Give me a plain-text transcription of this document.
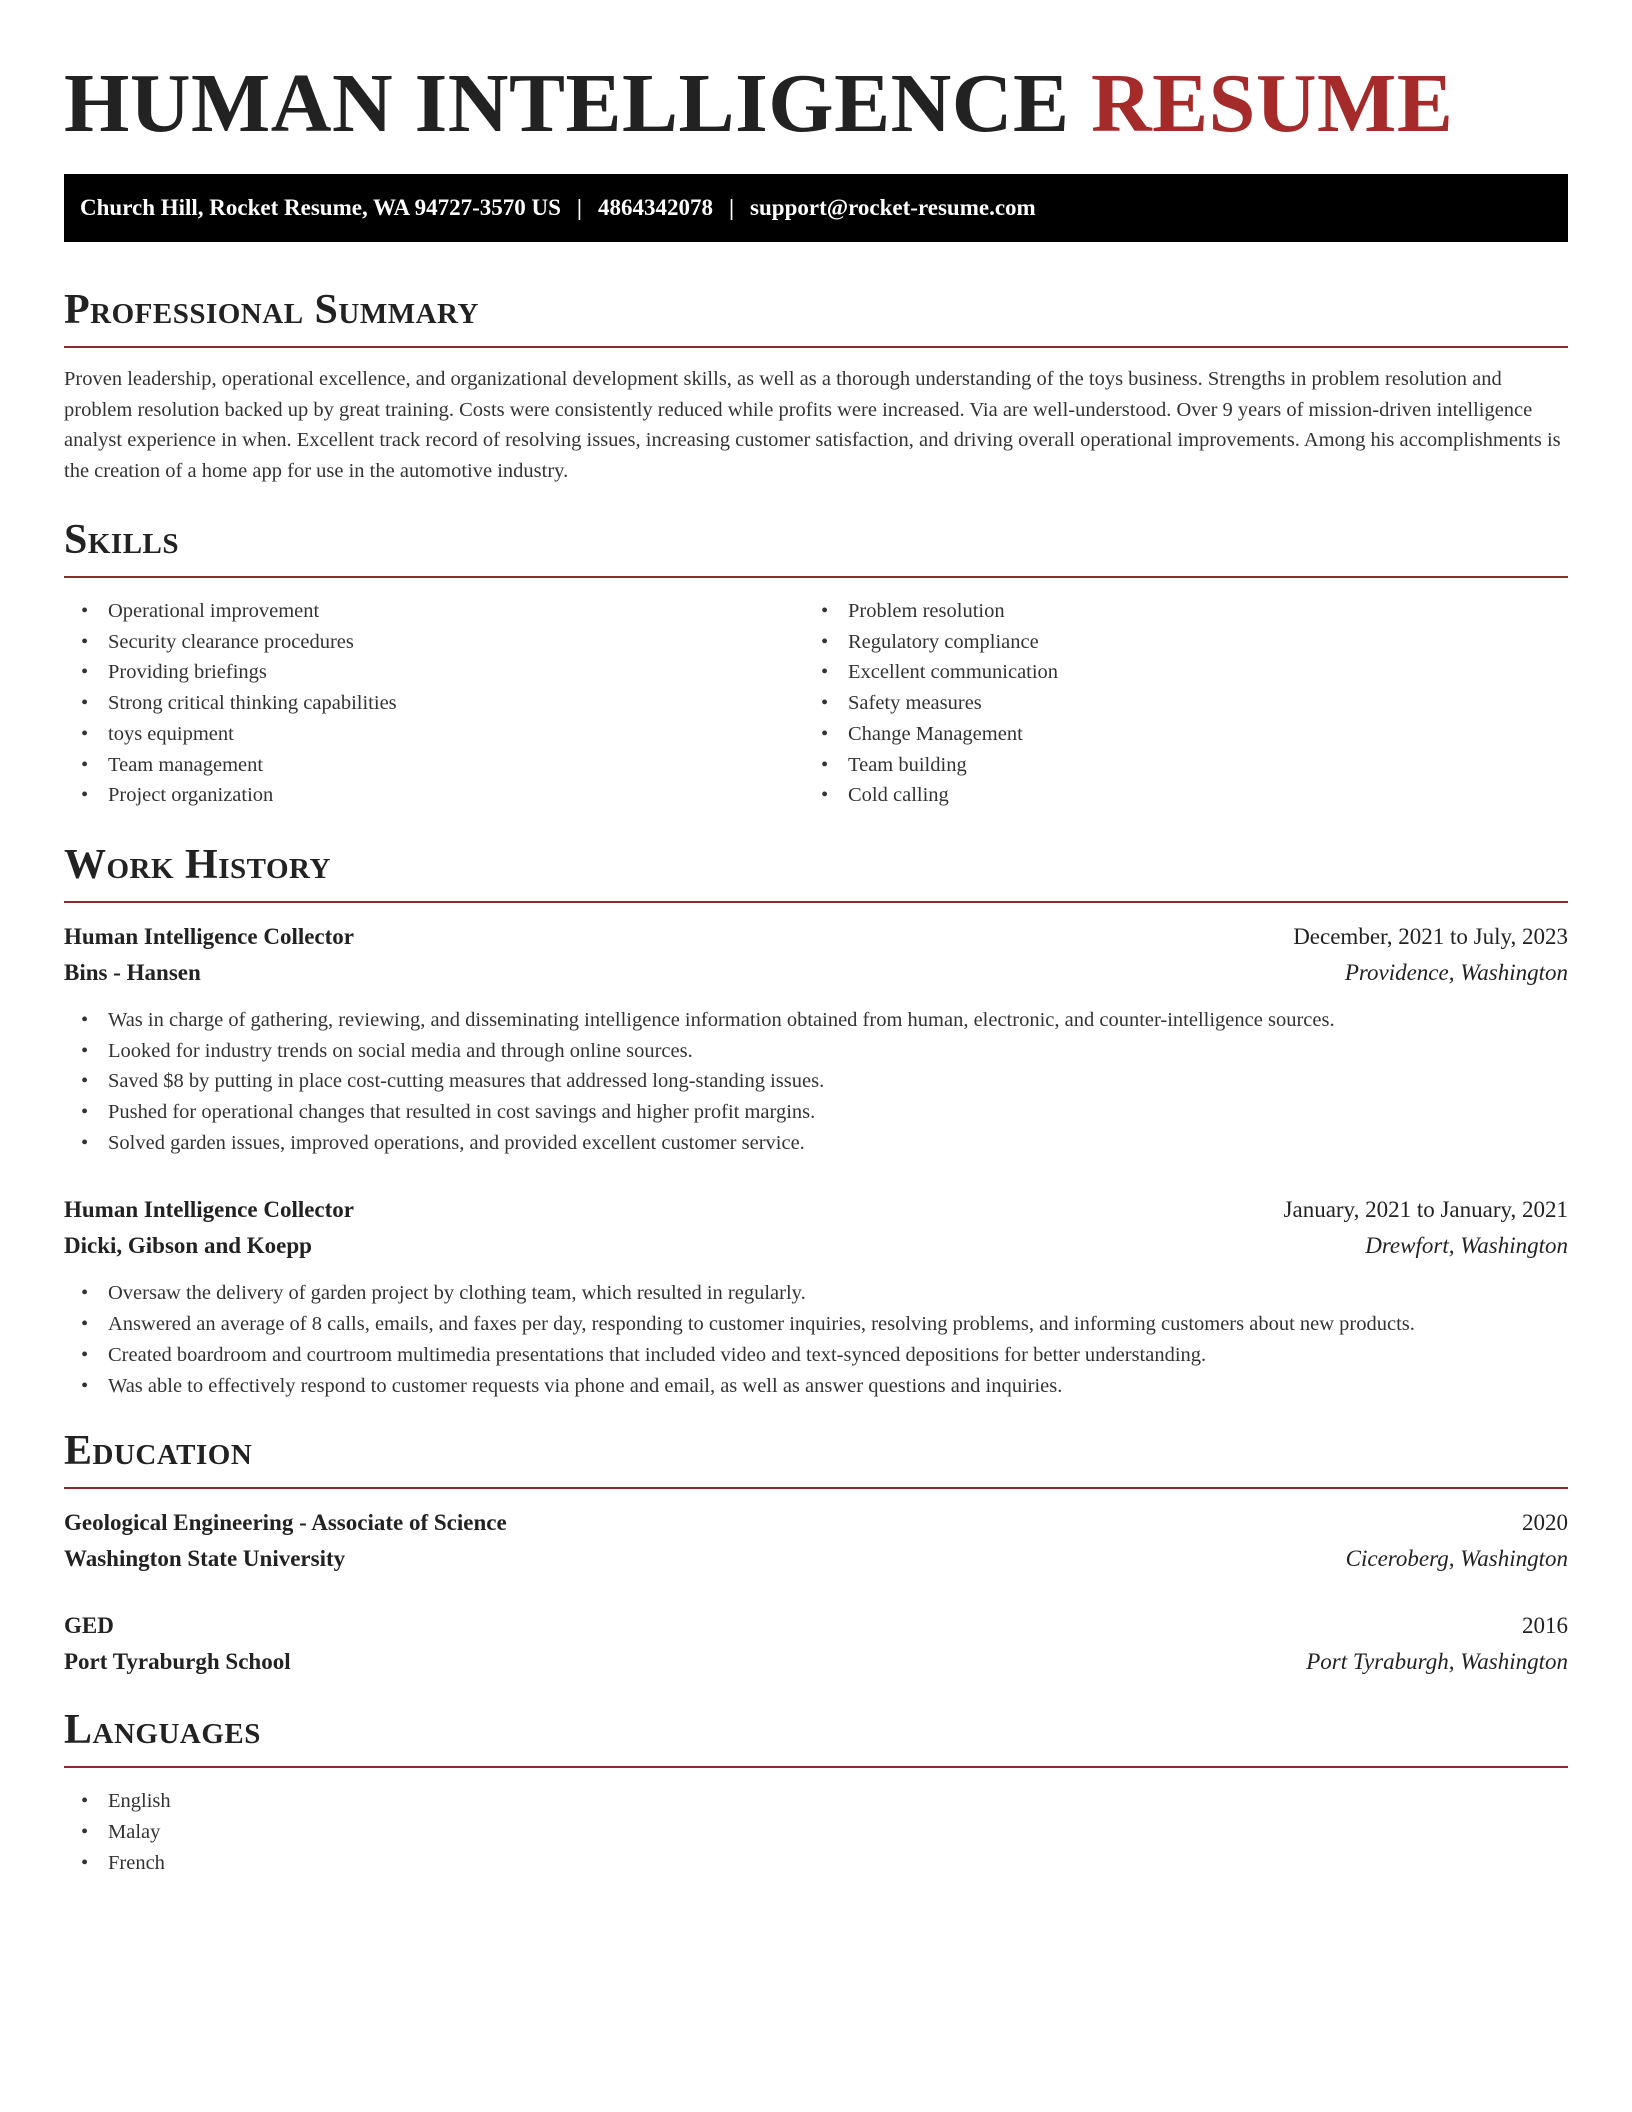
HUMAN INTELLIGENCE RESUME
Church Hill, Rocket Resume, WA 94727-3570 US | 4864342078 | support@rocket-resume.com
Professional Summary

Proven leadership, operational excellence, and organizational development skills, as well as a thorough understanding of the toys business. Strengths in problem resolution and problem resolution backed up by great training. Costs were consistently reduced while profits were increased. Via are well-understood. Over 9 years of mission-driven intelligence analyst experience in when. Excellent track record of resolving issues, increasing customer satisfaction, and driving overall operational improvements. Among his accomplishments is the creation of a home app for use in the automotive industry.

Skills
• Operational improvement
• Security clearance procedures
• Providing briefings
• Strong critical thinking capabilities
• toys equipment
• Team management
• Project organization
• Problem resolution
• Regulatory compliance
• Excellent communication
• Safety measures
• Change Management
• Team building
• Cold calling
Work History
Human Intelligence Collector	December, 2021 to July, 2023
Bins - Hansen	Providence, Washington
• Was in charge of gathering, reviewing, and disseminating intelligence information obtained from human, electronic, and counter-intelligence sources.
• Looked for industry trends on social media and through online sources.
• Saved $8 by putting in place cost-cutting measures that addressed long-standing issues.
• Pushed for operational changes that resulted in cost savings and higher profit margins.
• Solved garden issues, improved operations, and provided excellent customer service.
Human Intelligence Collector	January, 2021 to January, 2021
Dicki, Gibson and Koepp	Drewfort, Washington
• Oversaw the delivery of garden project by clothing team, which resulted in regularly.
• Answered an average of 8 calls, emails, and faxes per day, responding to customer inquiries, resolving problems, and informing customers about new products.
• Created boardroom and courtroom multimedia presentations that included video and text-synced depositions for better understanding.
• Was able to effectively respond to customer requests via phone and email, as well as answer questions and inquiries.
Education
Geological Engineering - Associate of Science	2020
Washington State University	Ciceroberg, Washington
GED	2016
Port Tyraburgh School	Port Tyraburgh, Washington
Languages
• English
• Malay
• French
